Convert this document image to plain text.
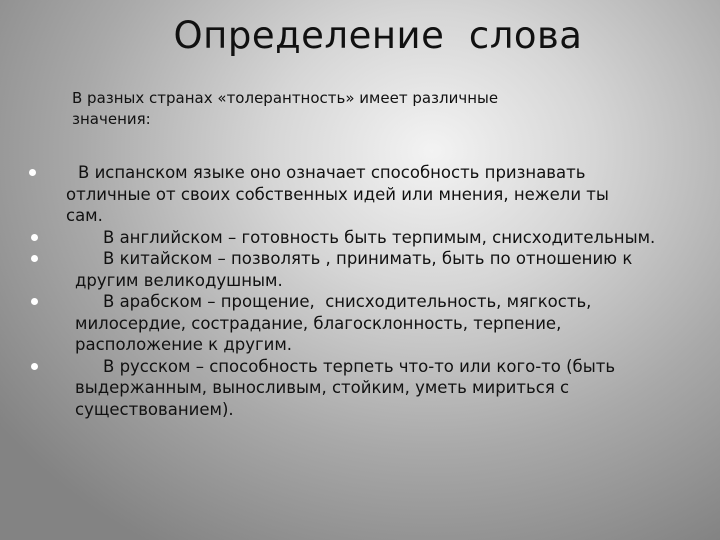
Определение  слова
В разных странах «толерантность» имеет различные значения:
В испанском языке оно означает способность признавать отличные от своих собственных идей или мнения, нежели ты сам.
В английском – готовность быть терпимым, снисходительным.
В китайском – позволять , принимать, быть по отношению к другим великодушным.
В арабском – прощение,  снисходительность, мягкость, милосердие, сострадание, благосклонность, терпение, расположение к другим.
В русском – способность терпеть что-то или кого-то (быть выдержанным, выносливым, стойким, уметь мириться с существованием).
